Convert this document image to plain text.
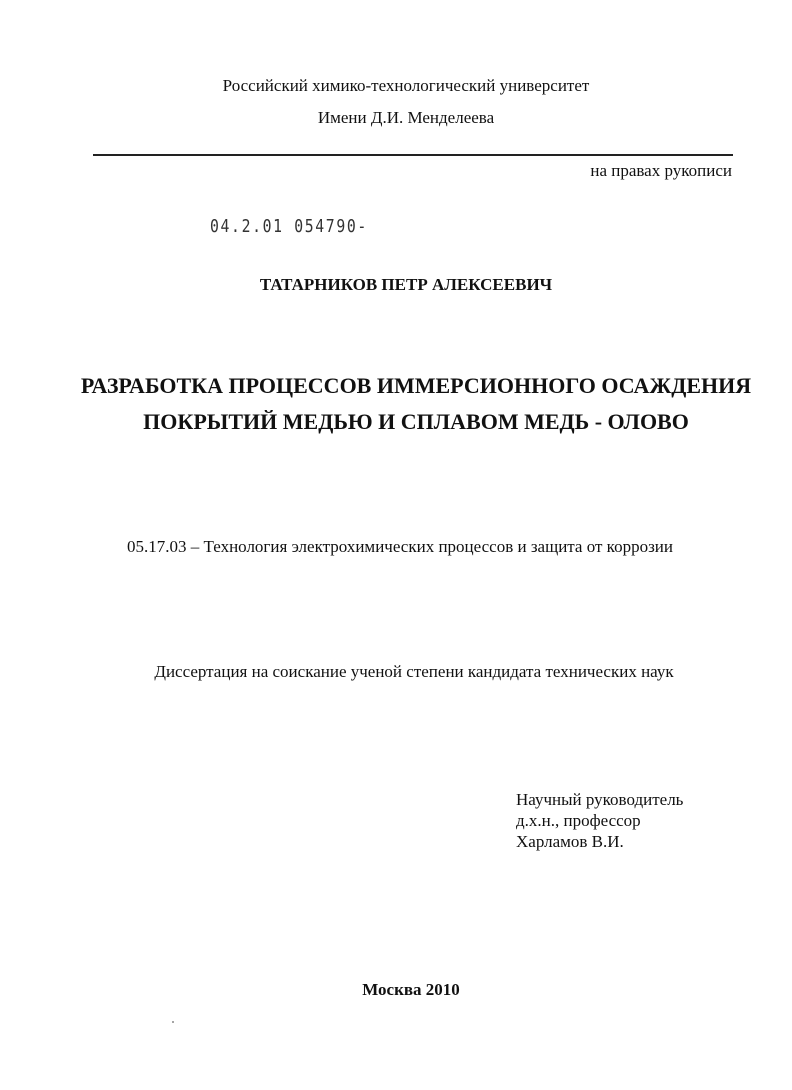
Российский химико-технологический университет
Имени Д.И. Менделеева
на правах рукописи
04.2.01 054790-
ТАТАРНИКОВ ПЕТР АЛЕКСЕЕВИЧ
РАЗРАБОТКА ПРОЦЕССОВ ИММЕРСИОННОГО ОСАЖДЕНИЯ
ПОКРЫТИЙ МЕДЬЮ И СПЛАВОМ МЕДЬ - ОЛОВО
05.17.03 – Технология электрохимических процессов и защита от коррозии
Диссертация на соискание ученой степени кандидата технических наук
Научный руководитель
д.х.н., профессор
Харламов В.И.
Москва 2010
